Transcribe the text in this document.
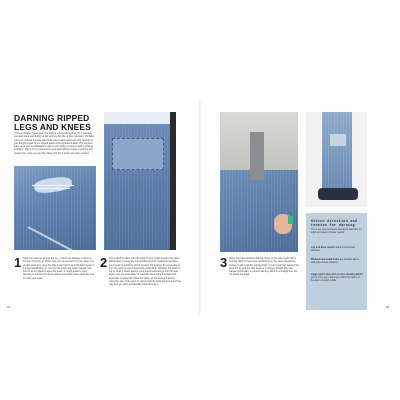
DARNING RIPPED LEGS AND KNEES
I love a vintage ripped jean but there's a fine edit a place for a carefully mended knee and doing so will prolong the life of your garment. Perhaps you're a minimal mender who finds there jeans wear out very quickly or you bought a pair of pre-ripped jeans and regretted it later. The leg and knee area can be awkward to darn so it's tricky to access with a sewing machine. Many of my customers need attempting a home repair for this reason but, once you get the hang of it, it's a quick and easy project.
1 Open the seam to access the rip – unless the damage is close to the top of the leg, in which case you can access it by the waist. It is usually easiest to open the side seam but if it is a flat-felled seam or if it has topstitching, try opening the inside leg seam instead. Use your fit kit or unpick to open the seam. A rough guide to your opening to extend from 10cm above and below your repair. Be sure to mark your seam.
2 Cut a patch to place onto the back of your repair and pin it in place. Remember to check the surrounding area for weakness and plan your repair to reinforce where needed. Sometimes it's necessary to iron the patch to cover almost the entire thigh. Whether the patch is big or small, I would always recommend extending it into the side seam. You are more likely to need this area using this triple lock technique on page 48. Place the patch on the sewing machine, using the open side seam to ensure that the back panel is out of the way and you don't accidentally stitch through it.
84
3 When you have finished darning, close up the side seam with a running stitch. If there was overlocking on the seam elsewhere, replace it with a similar zigzag stitch. If your repair has caused the knee to bag and the side seam is no longer straight (this can happen particularly on stretch denim), stitch in a straight line. Do not follow the bulge.
Stitch direction and tension for darning
There are two prominent directions that I like to stitch on holes for these repairs:
Leg and knee repairs stitch in horizontal direction.
Blowout and small holes are invisible darns with quite dense stitching.
Large open holes and on very stretchy denim go for more open darning to allow the fabric to be able to stretch a little.
85
